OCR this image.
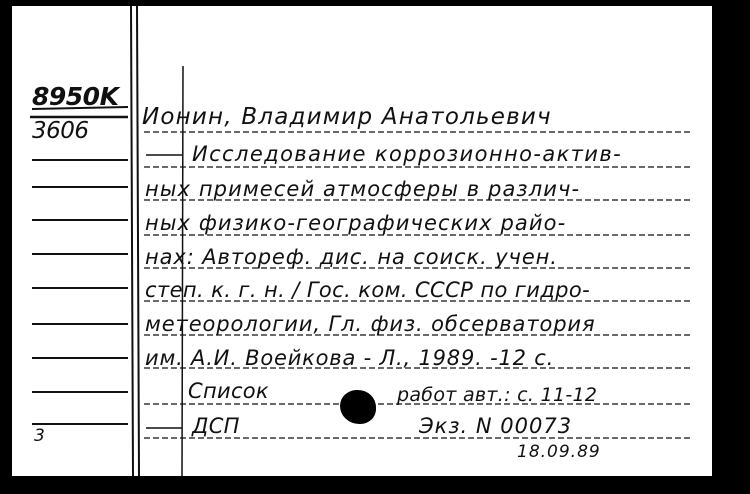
8950K
3606
Ионин, Владимир Анатольевич
Исследование коррозионно-актив-
ных примесей атмосферы в различ-
ных физико-географических райо-
нах: Автореф. дис. на соиск. учен.
степ. к. г. н. / Гос. ком. СССР по гидро-
метеорологии, Гл. физ. обсерватория
им. А.И. Воейкова - Л., 1989. -12 с.
Список	работ авт.: с. 11-12
ДСП	Экз. N 00073
18.09.89
3
